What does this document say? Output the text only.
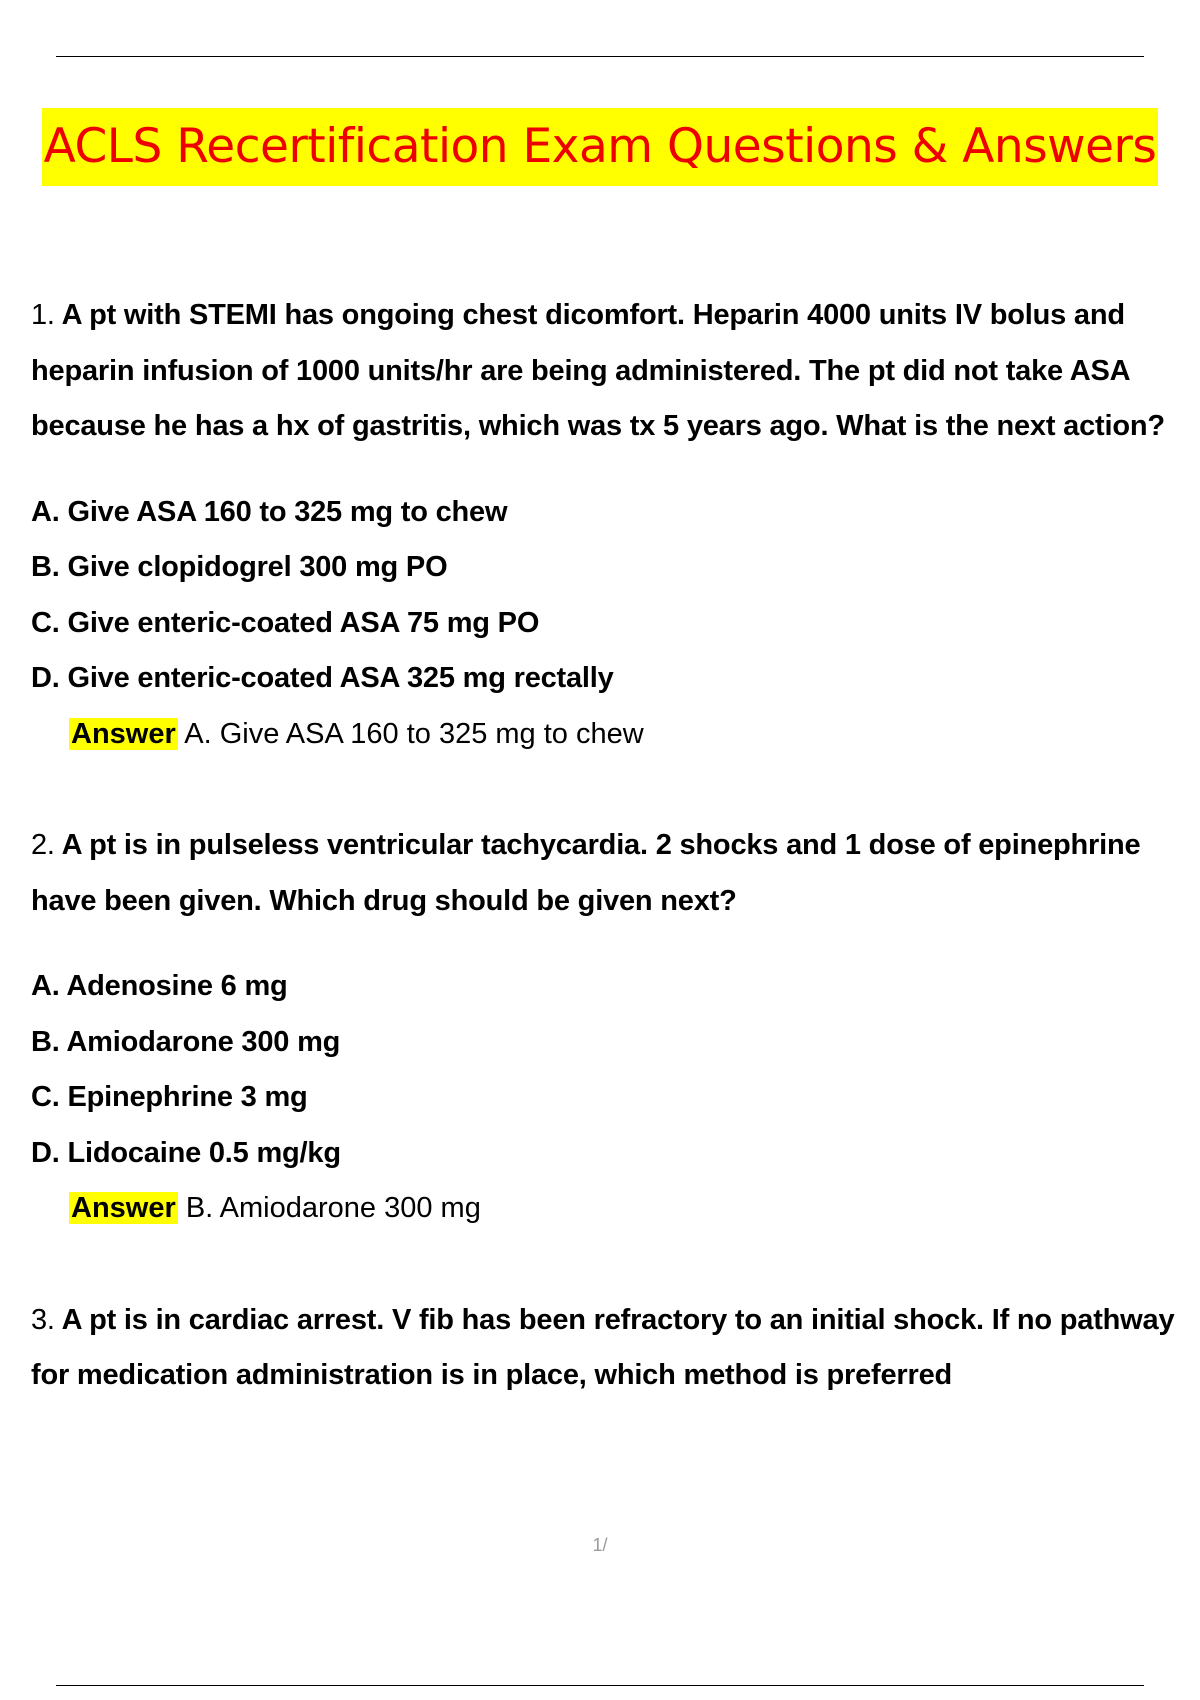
ACLS Recertification Exam Questions & Answers

1. A pt with STEMI has ongoing chest dicomfort. Heparin 4000 units IV bolus and heparin infusion of 1000 units/hr are being administered. The pt did not take ASA because he has a hx of gastritis, which was tx 5 years ago. What is the next action?

A. Give ASA 160 to 325 mg to chew
B. Give clopidogrel 300 mg PO
C. Give enteric-coated ASA 75 mg PO
D. Give enteric-coated ASA 325 mg rectally
Answer A. Give ASA 160 to 325 mg to chew

2. A pt is in pulseless ventricular tachycardia. 2 shocks and 1 dose of epinephrine have been given. Which drug should be given next?

A. Adenosine 6 mg
B. Amiodarone 300 mg
C. Epinephrine 3 mg
D. Lidocaine 0.5 mg/kg
Answer B. Amiodarone 300 mg

3. A pt is in cardiac arrest. V fib has been refractory to an initial shock. If no pathway for medication administration is in place, which method is preferred

1/
